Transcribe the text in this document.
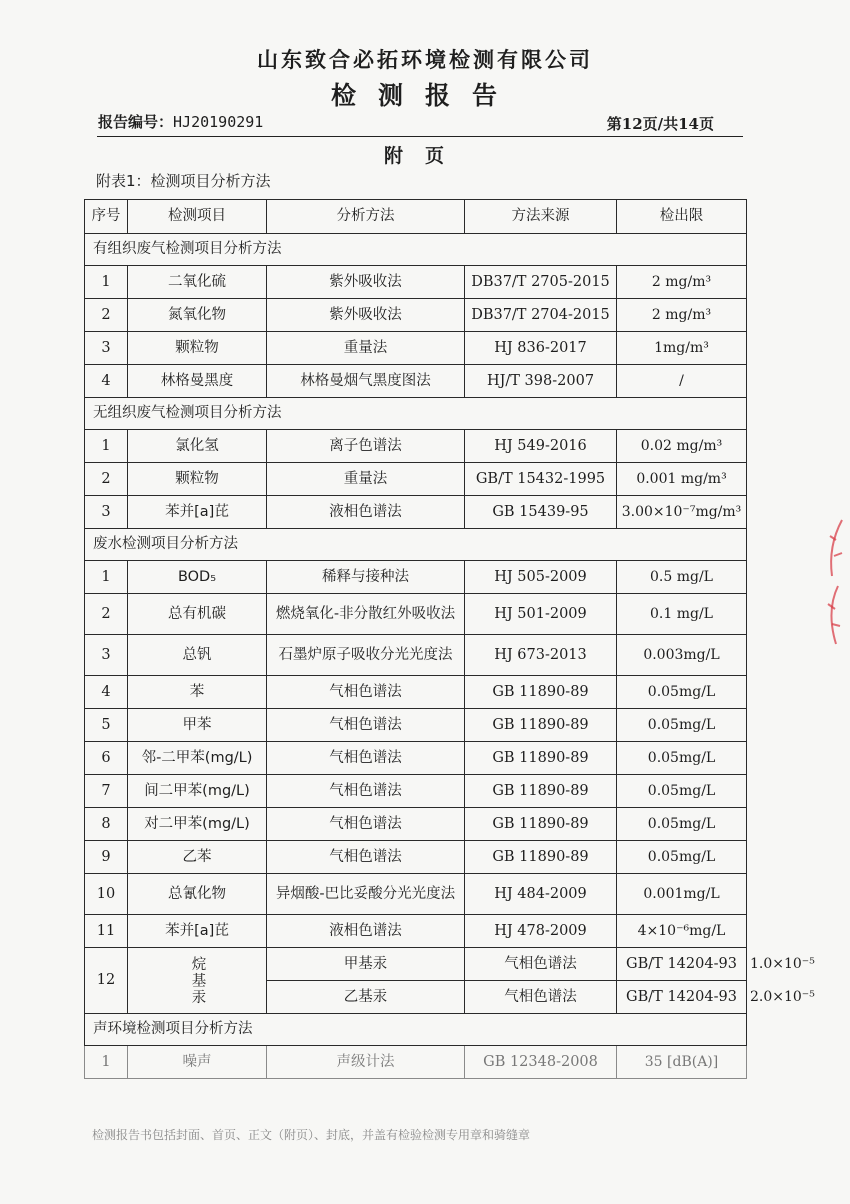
山东致合必拓环境检测有限公司
检测报告
报告编号：HJ20190291	第12页/共14页
附页
附表1：检测项目分析方法
序号	检测项目	分析方法	方法来源	检出限	
有组织废气检测项目分析方法					
1	二氧化硫	紫外吸收法	DB37/T 2705-2015	2 mg/m³	
2	氮氧化物	紫外吸收法	DB37/T 2704-2015	2 mg/m³	
3	颗粒物	重量法	HJ 836-2017	1mg/m³	
4	林格曼黑度	林格曼烟气黑度图法	HJ/T 398-2007	/	
无组织废气检测项目分析方法					
1	氯化氢	离子色谱法	HJ 549-2016	0.02 mg/m³	
2	颗粒物	重量法	GB/T 15432-1995	0.001 mg/m³	
3	苯并[a]芘	液相色谱法	GB 15439-95	3.00×10⁻⁷mg/m³	
废水检测项目分析方法					
1	BOD₅	稀释与接种法	HJ 505-2009	0.5 mg/L	
2	总有机碳	燃烧氧化-非分散红外吸收法	HJ 501-2009	0.1 mg/L	
3	总钒	石墨炉原子吸收分光光度法	HJ 673-2013	0.003mg/L	
4	苯	气相色谱法	GB 11890-89	0.05mg/L	
5	甲苯	气相色谱法	GB 11890-89	0.05mg/L	
6	邻-二甲苯(mg/L)	气相色谱法	GB 11890-89	0.05mg/L	
7	间二甲苯(mg/L)	气相色谱法	GB 11890-89	0.05mg/L	
8	对二甲苯(mg/L)	气相色谱法	GB 11890-89	0.05mg/L	
9	乙苯	气相色谱法	GB 11890-89	0.05mg/L	
10	总氰化物	异烟酸-巴比妥酸分光光度法	HJ 484-2009	0.001mg/L	
11	苯并[a]芘	液相色谱法	HJ 478-2009	4×10⁻⁶mg/L	
12	烷基汞	甲基汞	气相色谱法	GB/T 14204-93	1.0×10⁻⁵
		乙基汞	气相色谱法	GB/T 14204-93	2.0×10⁻⁵
声环境检测项目分析方法					
1	噪声	声级计法	GB 12348-2008	35 [dB(A)]	
检测报告书包括封面、首页、正文（附页）、封底，并盖有检验检测专用章和骑缝章
